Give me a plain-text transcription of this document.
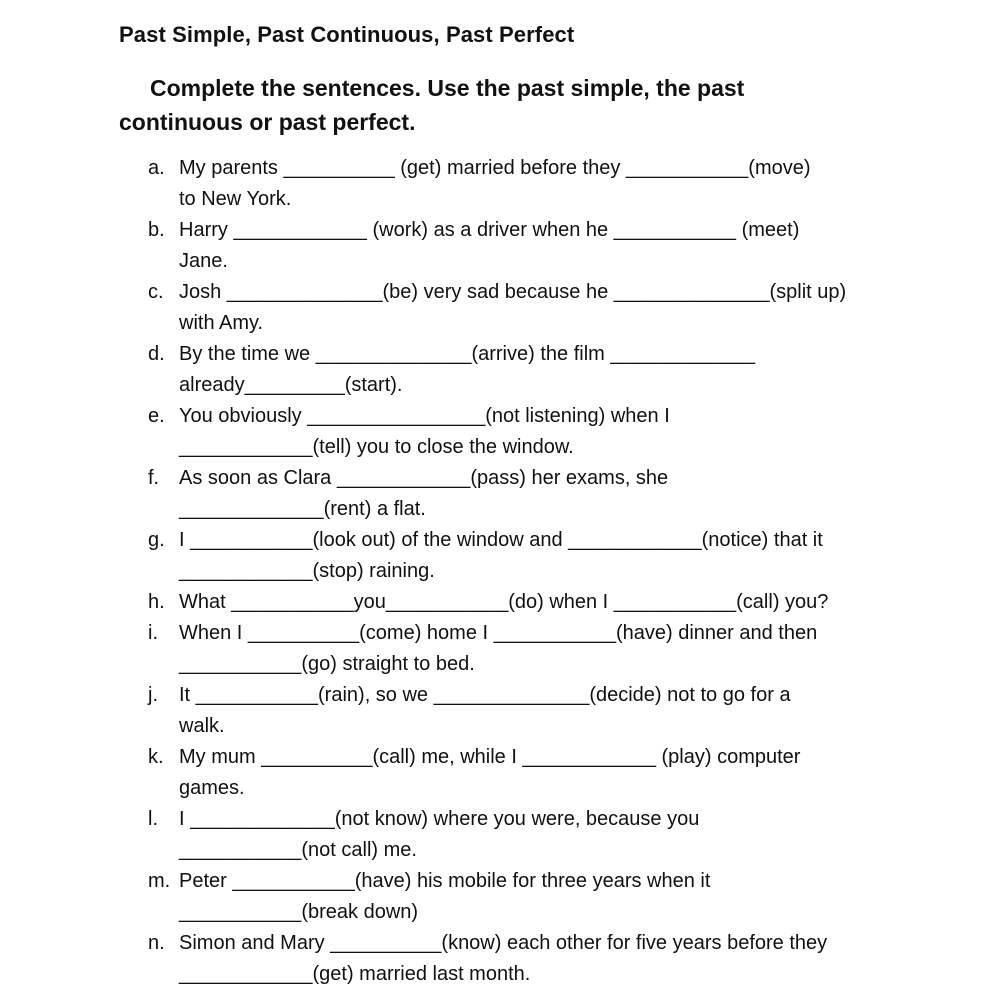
Past Simple, Past Continuous, Past Perfect
Complete the sentences. Use the past simple, the past
continuous or past perfect.
a. My parents __________ (get) married before they ___________(move)
to New York.
b. Harry ____________ (work) as a driver when he ___________ (meet)
Jane.
c. Josh ______________(be) very sad because he ______________(split up)
with Amy.
d. By the time we ______________(arrive) the film _____________
already_________(start).
e. You obviously ________________(not listening) when I
____________(tell) you to close the window.
f. As soon as Clara ____________(pass) her exams, she
_____________(rent) a flat.
g. I ___________(look out) of the window and ____________(notice) that it
____________(stop) raining.
h. What ___________you___________(do) when I ___________(call) you?
i. When I __________(come) home I ___________(have) dinner and then
___________(go) straight to bed.
j. It ___________(rain), so we ______________(decide) not to go for a
walk.
k. My mum __________(call) me, while I ____________ (play) computer
games.
l. I _____________(not know) where you were, because you
___________(not call) me.
m. Peter ___________(have) his mobile for three years when it
___________(break down)
n. Simon and Mary __________(know) each other for five years before they
____________(get) married last month.
